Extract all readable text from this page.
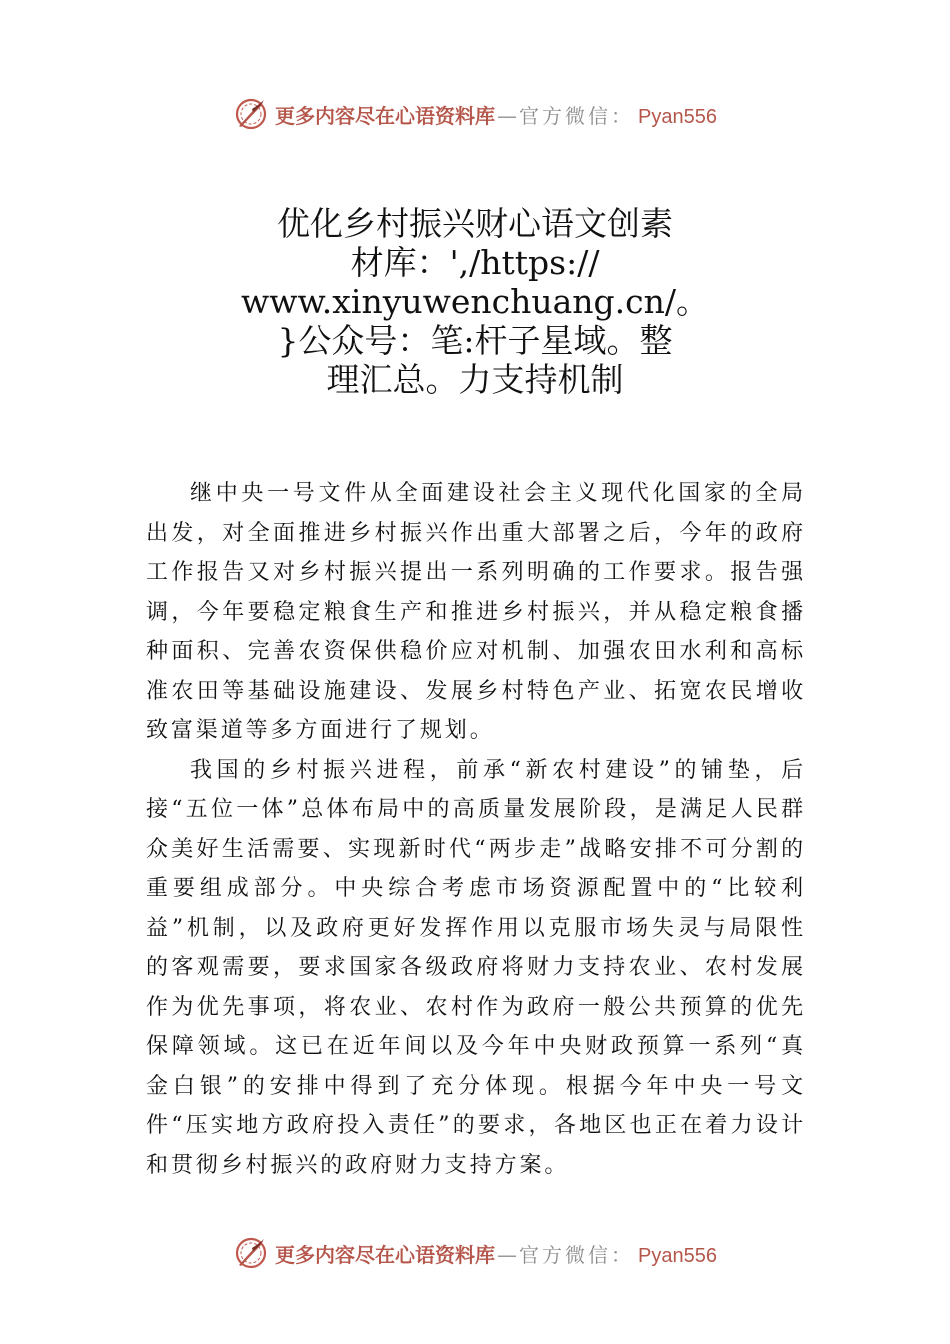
更多内容尽在心语资料库 — 官方微信： Pyan556
优化乡村振兴财心语文创素
材库：',/https://
www.xinyuwenchuang.cn/。
}公众号：笔:杆子星域。整
理汇总。力支持机制

继中央一号文件从全面建设社会主义现代化国家的全局出发，对全面推进乡村振兴作出重大部署之后，今年的政府工作报告又对乡村振兴提出一系列明确的工作要求。报告强调，今年要稳定粮食生产和推进乡村振兴，并从稳定粮食播种面积、完善农资保供稳价应对机制、加强农田水利和高标准农田等基础设施建设、发展乡村特色产业、拓宽农民增收致富渠道等多方面进行了规划。

我国的乡村振兴进程，前承“新农村建设”的铺垫，后接“五位一体”总体布局中的高质量发展阶段，是满足人民群众美好生活需要、实现新时代“两步走”战略安排不可分割的重要组成部分。中央综合考虑市场资源配置中的“比较利益”机制，以及政府更好发挥作用以克服市场失灵与局限性的客观需要，要求国家各级政府将财力支持农业、农村发展作为优先事项，将农业、农村作为政府一般公共预算的优先保障领域。这已在近年间以及今年中央财政预算一系列“真金白银”的安排中得到了充分体现。根据今年中央一号文件“压实地方政府投入责任”的要求，各地区也正在着力设计和贯彻乡村振兴的政府财力支持方案。

更多内容尽在心语资料库 — 官方微信： Pyan556
